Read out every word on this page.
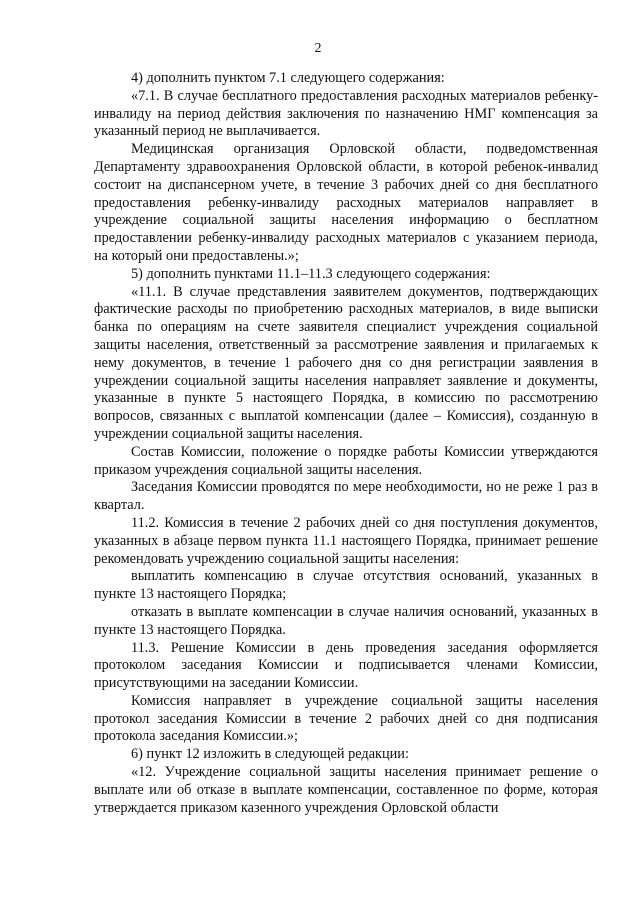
2

4) дополнить пунктом 7.1 следующего содержания:

«7.1. В случае бесплатного предоставления расходных материалов ребенку-инвалиду на период действия заключения по назначению НМГ компенсация за указанный период не выплачивается.

Медицинская организация Орловской области, подведомственная Департаменту здравоохранения Орловской области, в которой ребенок-инвалид состоит на диспансерном учете, в течение 3 рабочих дней со дня бесплатного предоставления ребенку-инвалиду расходных материалов направляет в учреждение социальной защиты населения информацию о бесплатном предоставлении ребенку-инвалиду расходных материалов с указанием периода, на который они предоставлены.»;

5) дополнить пунктами 11.1–11.3 следующего содержания:

«11.1. В случае представления заявителем документов, подтверждающих фактические расходы по приобретению расходных материалов, в виде выписки банка по операциям на счете заявителя специалист учреждения социальной защиты населения, ответственный за рассмотрение заявления и прилагаемых к нему документов, в течение 1 рабочего дня со дня регистрации заявления в учреждении социальной защиты населения направляет заявление и документы, указанные в пункте 5 настоящего Порядка, в комиссию по рассмотрению вопросов, связанных с выплатой компенсации (далее – Комиссия), созданную в учреждении социальной защиты населения.

Состав Комиссии, положение о порядке работы Комиссии утверждаются приказом учреждения социальной защиты населения.

Заседания Комиссии проводятся по мере необходимости, но не реже 1 раз в квартал.

11.2. Комиссия в течение 2 рабочих дней со дня поступления документов, указанных в абзаце первом пункта 11.1 настоящего Порядка, принимает решение рекомендовать учреждению социальной защиты населения:

выплатить компенсацию в случае отсутствия оснований, указанных в пункте 13 настоящего Порядка;

отказать в выплате компенсации в случае наличия оснований, указанных в пункте 13 настоящего Порядка.

11.3. Решение Комиссии в день проведения заседания оформляется протоколом заседания Комиссии и подписывается членами Комиссии, присутствующими на заседании Комиссии.

Комиссия направляет в учреждение социальной защиты населения протокол заседания Комиссии в течение 2 рабочих дней со дня подписания протокола заседания Комиссии.»;

6) пункт 12 изложить в следующей редакции:

«12. Учреждение социальной защиты населения принимает решение о выплате или об отказе в выплате компенсации, составленное по форме, которая утверждается приказом казенного учреждения Орловской области
